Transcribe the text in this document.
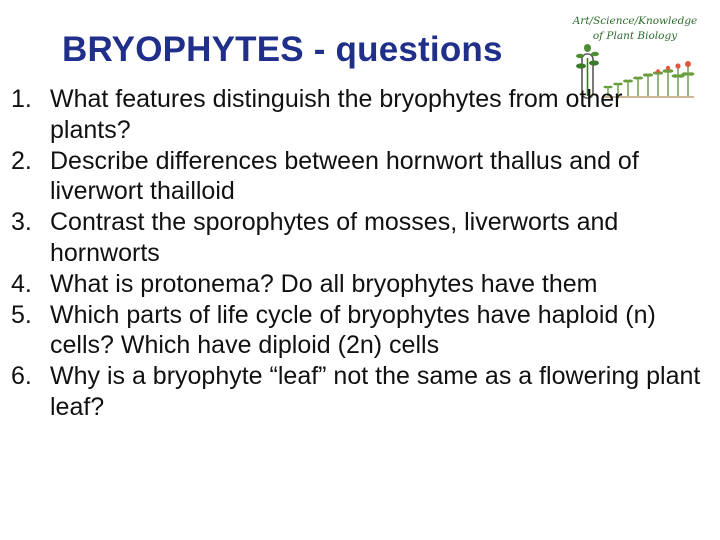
BRYOPHYTES - questions
Art/Science/Knowledge
of Plant Biology
1. What features distinguish the bryophytes from other plants?
2. Describe differences between hornwort thallus and of liverwort thailloid
3. Contrast the sporophytes of mosses, liverworts and hornworts
4. What is protonema? Do all bryophytes have them
5. Which parts of life cycle of bryophytes have haploid (n) cells? Which have diploid (2n) cells
6. Why is a bryophyte “leaf” not the same as a flowering plant leaf?
